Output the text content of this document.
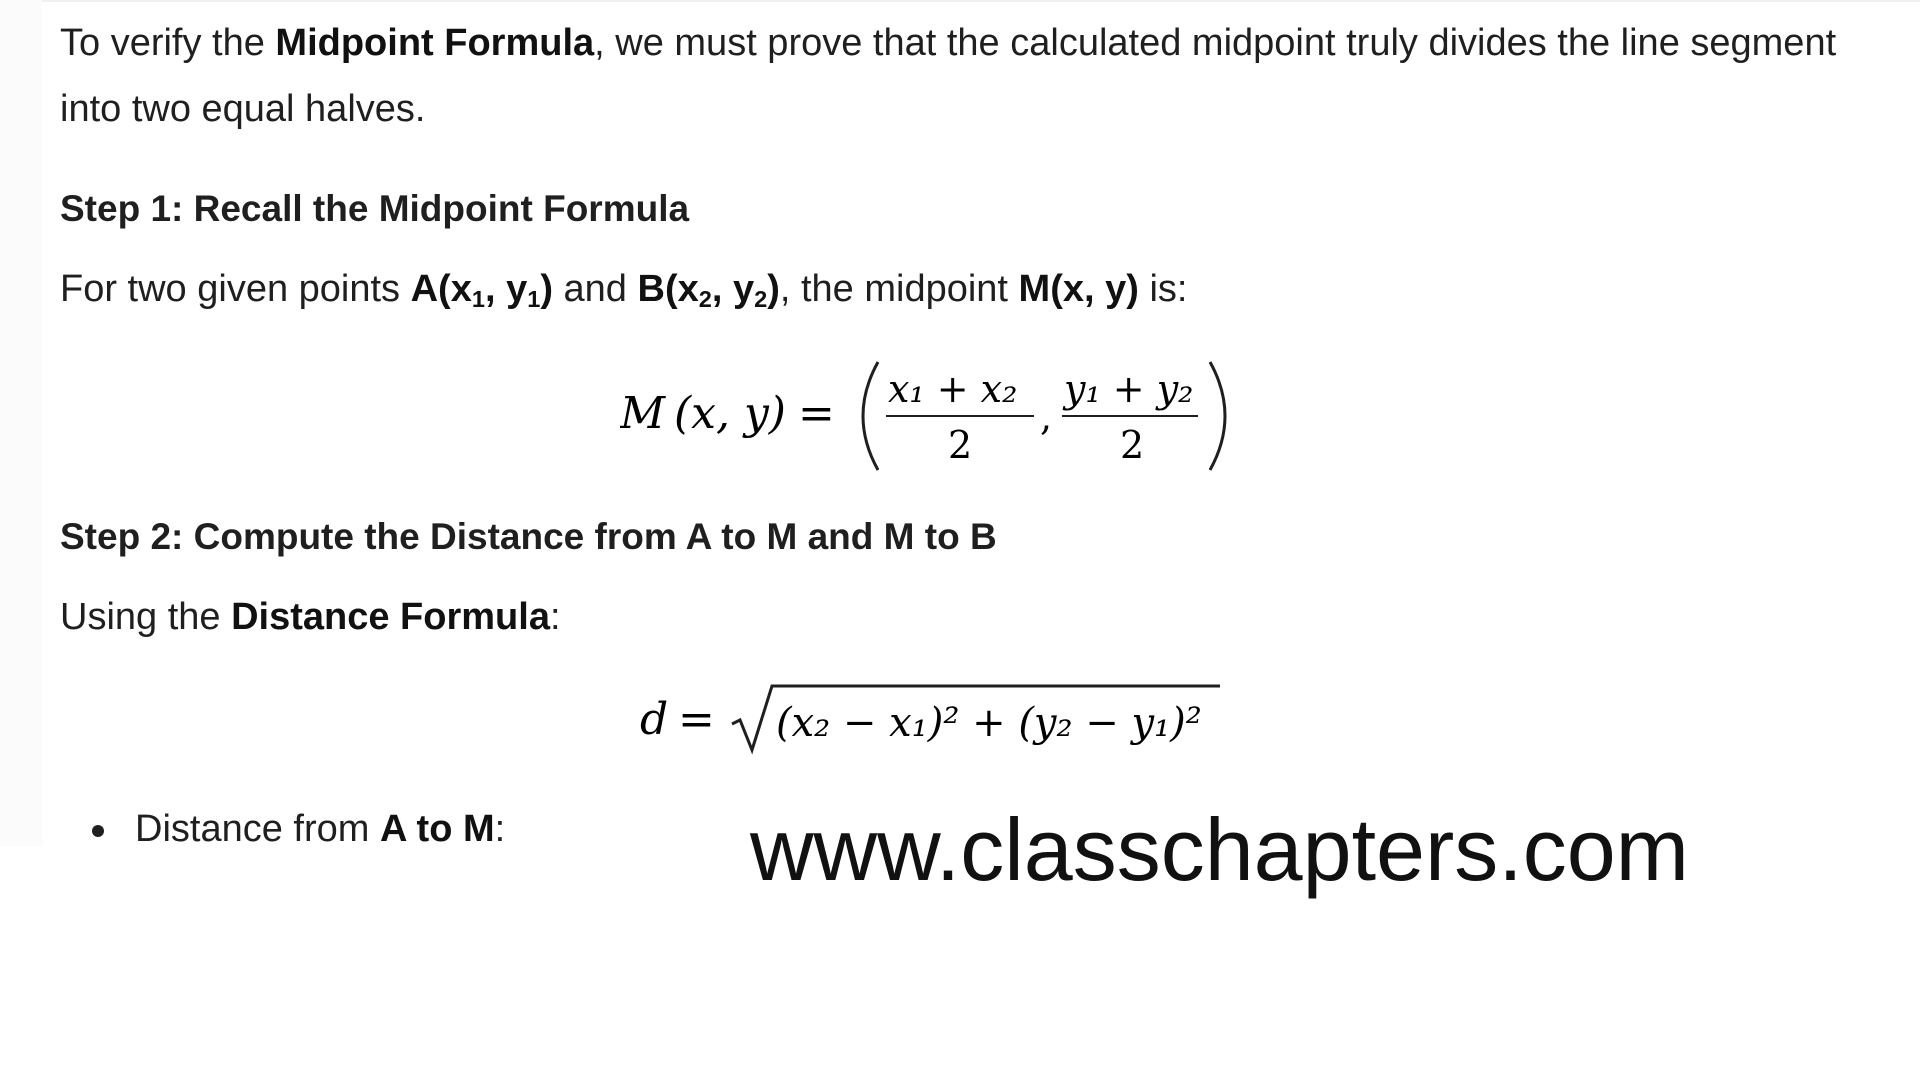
To verify the Midpoint Formula, we must prove that the calculated midpoint truly divides the line segment
into two equal halves.
Step 1: Recall the Midpoint Formula
For two given points $A(x_1$, $y_1$) and $B(x_2$, $y_2$), the midpoint M(x, y) is:
M (x, y) = x₁ + x₂
2
,
y₁ + y₂
2
Step 2: Compute the Distance from A to M and M to B
Using the Distance Formula:
d = (x₂ − x₁)² + (y₂ − y₁)²
Distance from A to M:	www.classchapters.com
